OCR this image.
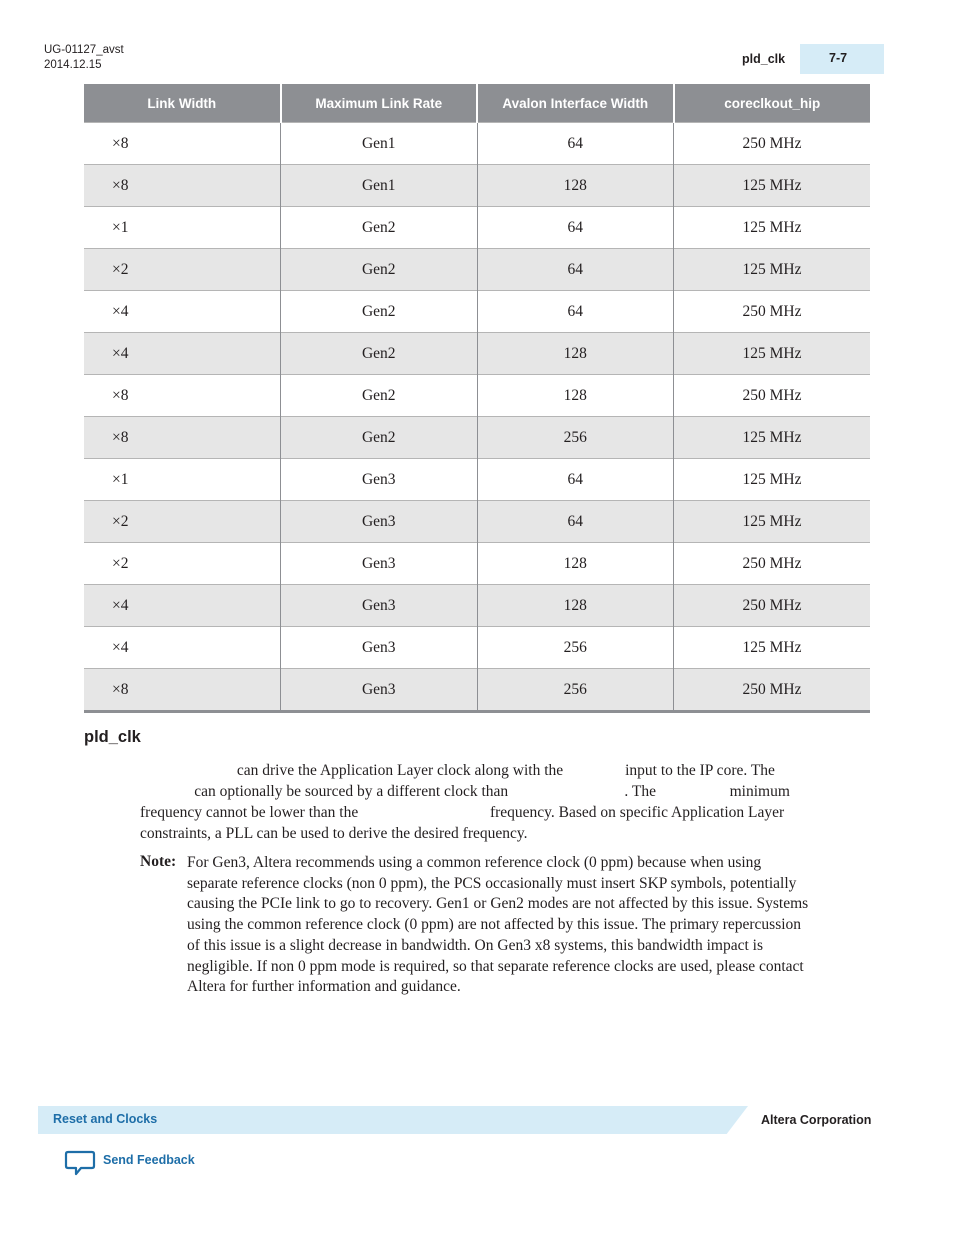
UG-01127_avst
2014.12.15	pld_clk	7-7
Link Width	Maximum Link Rate	Avalon Interface Width	coreclkout_hip
×8	Gen1	64	250 MHz
×8	Gen1	128	125 MHz
×1	Gen2	64	125 MHz
×2	Gen2	64	125 MHz
×4	Gen2	64	250 MHz
×4	Gen2	128	125 MHz
×8	Gen2	128	250 MHz
×8	Gen2	256	125 MHz
×1	Gen3	64	125 MHz
×2	Gen3	64	125 MHz
×2	Gen3	128	250 MHz
×4	Gen3	128	250 MHz
×4	Gen3	256	125 MHz
×8	Gen3	256	250 MHz
pld_clk
can drive the Application Layer clock along with the                input to the IP core. The
can optionally be sourced by a different clock than                              . The                   minimum
frequency cannot be lower than the                                  frequency. Based on specific Application Layer
constraints, a PLL can be used to derive the desired frequency.
Note: For Gen3, Altera recommends using a common reference clock (0 ppm) because when using
separate reference clocks (non 0 ppm), the PCS occasionally must insert SKP symbols, potentially
causing the PCIe link to go to recovery. Gen1 or Gen2 modes are not affected by this issue. Systems
using the common reference clock (0 ppm) are not affected by this issue. The primary repercussion
of this issue is a slight decrease in bandwidth. On Gen3 x8 systems, this bandwidth impact is
negligible. If non 0 ppm mode is required, so that separate reference clocks are used, please contact
Altera for further information and guidance.
Reset and Clocks	Altera Corporation
Send Feedback
